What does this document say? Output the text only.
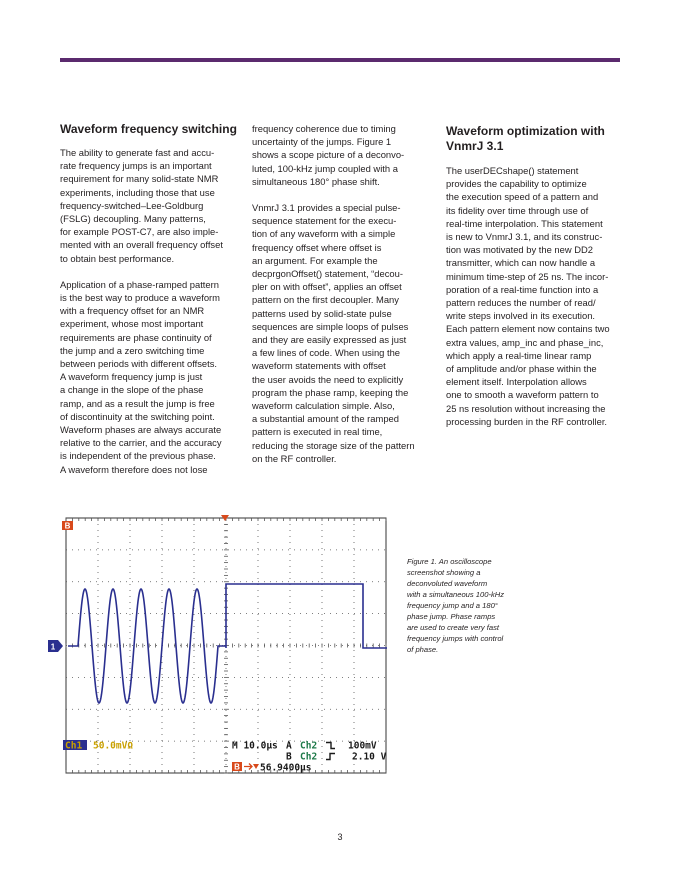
Waveform frequency switching

The ability to generate fast and accu-
rate frequency jumps is an important
requirement for many solid-state NMR
experiments, including those that use
frequency-switched–Lee-Goldburg
(FSLG) decoupling. Many patterns,
for example POST-C7, are also imple-
mented with an overall frequency offset
to obtain best performance.

Application of a phase-ramped pattern
is the best way to produce a waveform
with a frequency offset for an NMR
experiment, whose most important
requirements are phase continuity of
the jump and a zero switching time
between periods with different offsets.
A waveform frequency jump is just
a change in the slope of the phase
ramp, and as a result the jump is free
of discontinuity at the switching point.
Waveform phases are always accurate
relative to the carrier, and the accuracy
is independent of the previous phase.
A waveform therefore does not lose

frequency coherence due to timing
uncertainty of the jumps. Figure 1
shows a scope picture of a deconvo-
luted, 100-kHz jump coupled with a
simultaneous 180° phase shift.

VnmrJ 3.1 provides a special pulse-
sequence statement for the execu-
tion of any waveform with a simple
frequency offset where offset is
an argument. For example the
decprgonOffset() statement, “decou-
pler on with offset”, applies an offset
pattern on the first decoupler. Many
patterns used by solid-state pulse
sequences are simple loops of pulses
and they are easily expressed as just
a few lines of code. When using the
waveform statements with offset
the user avoids the need to explicitly
program the phase ramp, keeping the
waveform calculation simple. Also,
a substantial amount of the ramped
pattern is executed in real time,
reducing the storage size of the pattern
on the RF controller.

Waveform optimization with
VnmrJ 3.1

The userDECshape() statement
provides the capability to optimize
the execution speed of a pattern and
its fidelity over time through use of
real-time interpolation. This statement
is new to VnmrJ 3.1, and its construc-
tion was motivated by the new DD2
transmitter, which can now handle a
minimum time-step of 25 ns. The incor-
poration of a real-time function into a
pattern reduces the number of read/
write steps involved in its execution.
Each pattern element now contains two
extra values, amp_inc and phase_inc,
which apply a real-time linear ramp
of amplitude and/or phase within the
element itself. Interpolation allows
one to smooth a waveform pattern to
25 ns resolution without increasing the
processing burden in the RF controller.

B
1
Ch1 50.0mVΩ	M 10.0µs A Ch2	100mV
B Ch2	2.10 V
B 56.9400µs
Figure 1. An oscilloscope
screenshot showing a
deconvoluted waveform
with a simultaneous 100-kHz
frequency jump and a 180°
phase jump. Phase ramps
are used to create very fast
frequency jumps with control
of phase.
3
